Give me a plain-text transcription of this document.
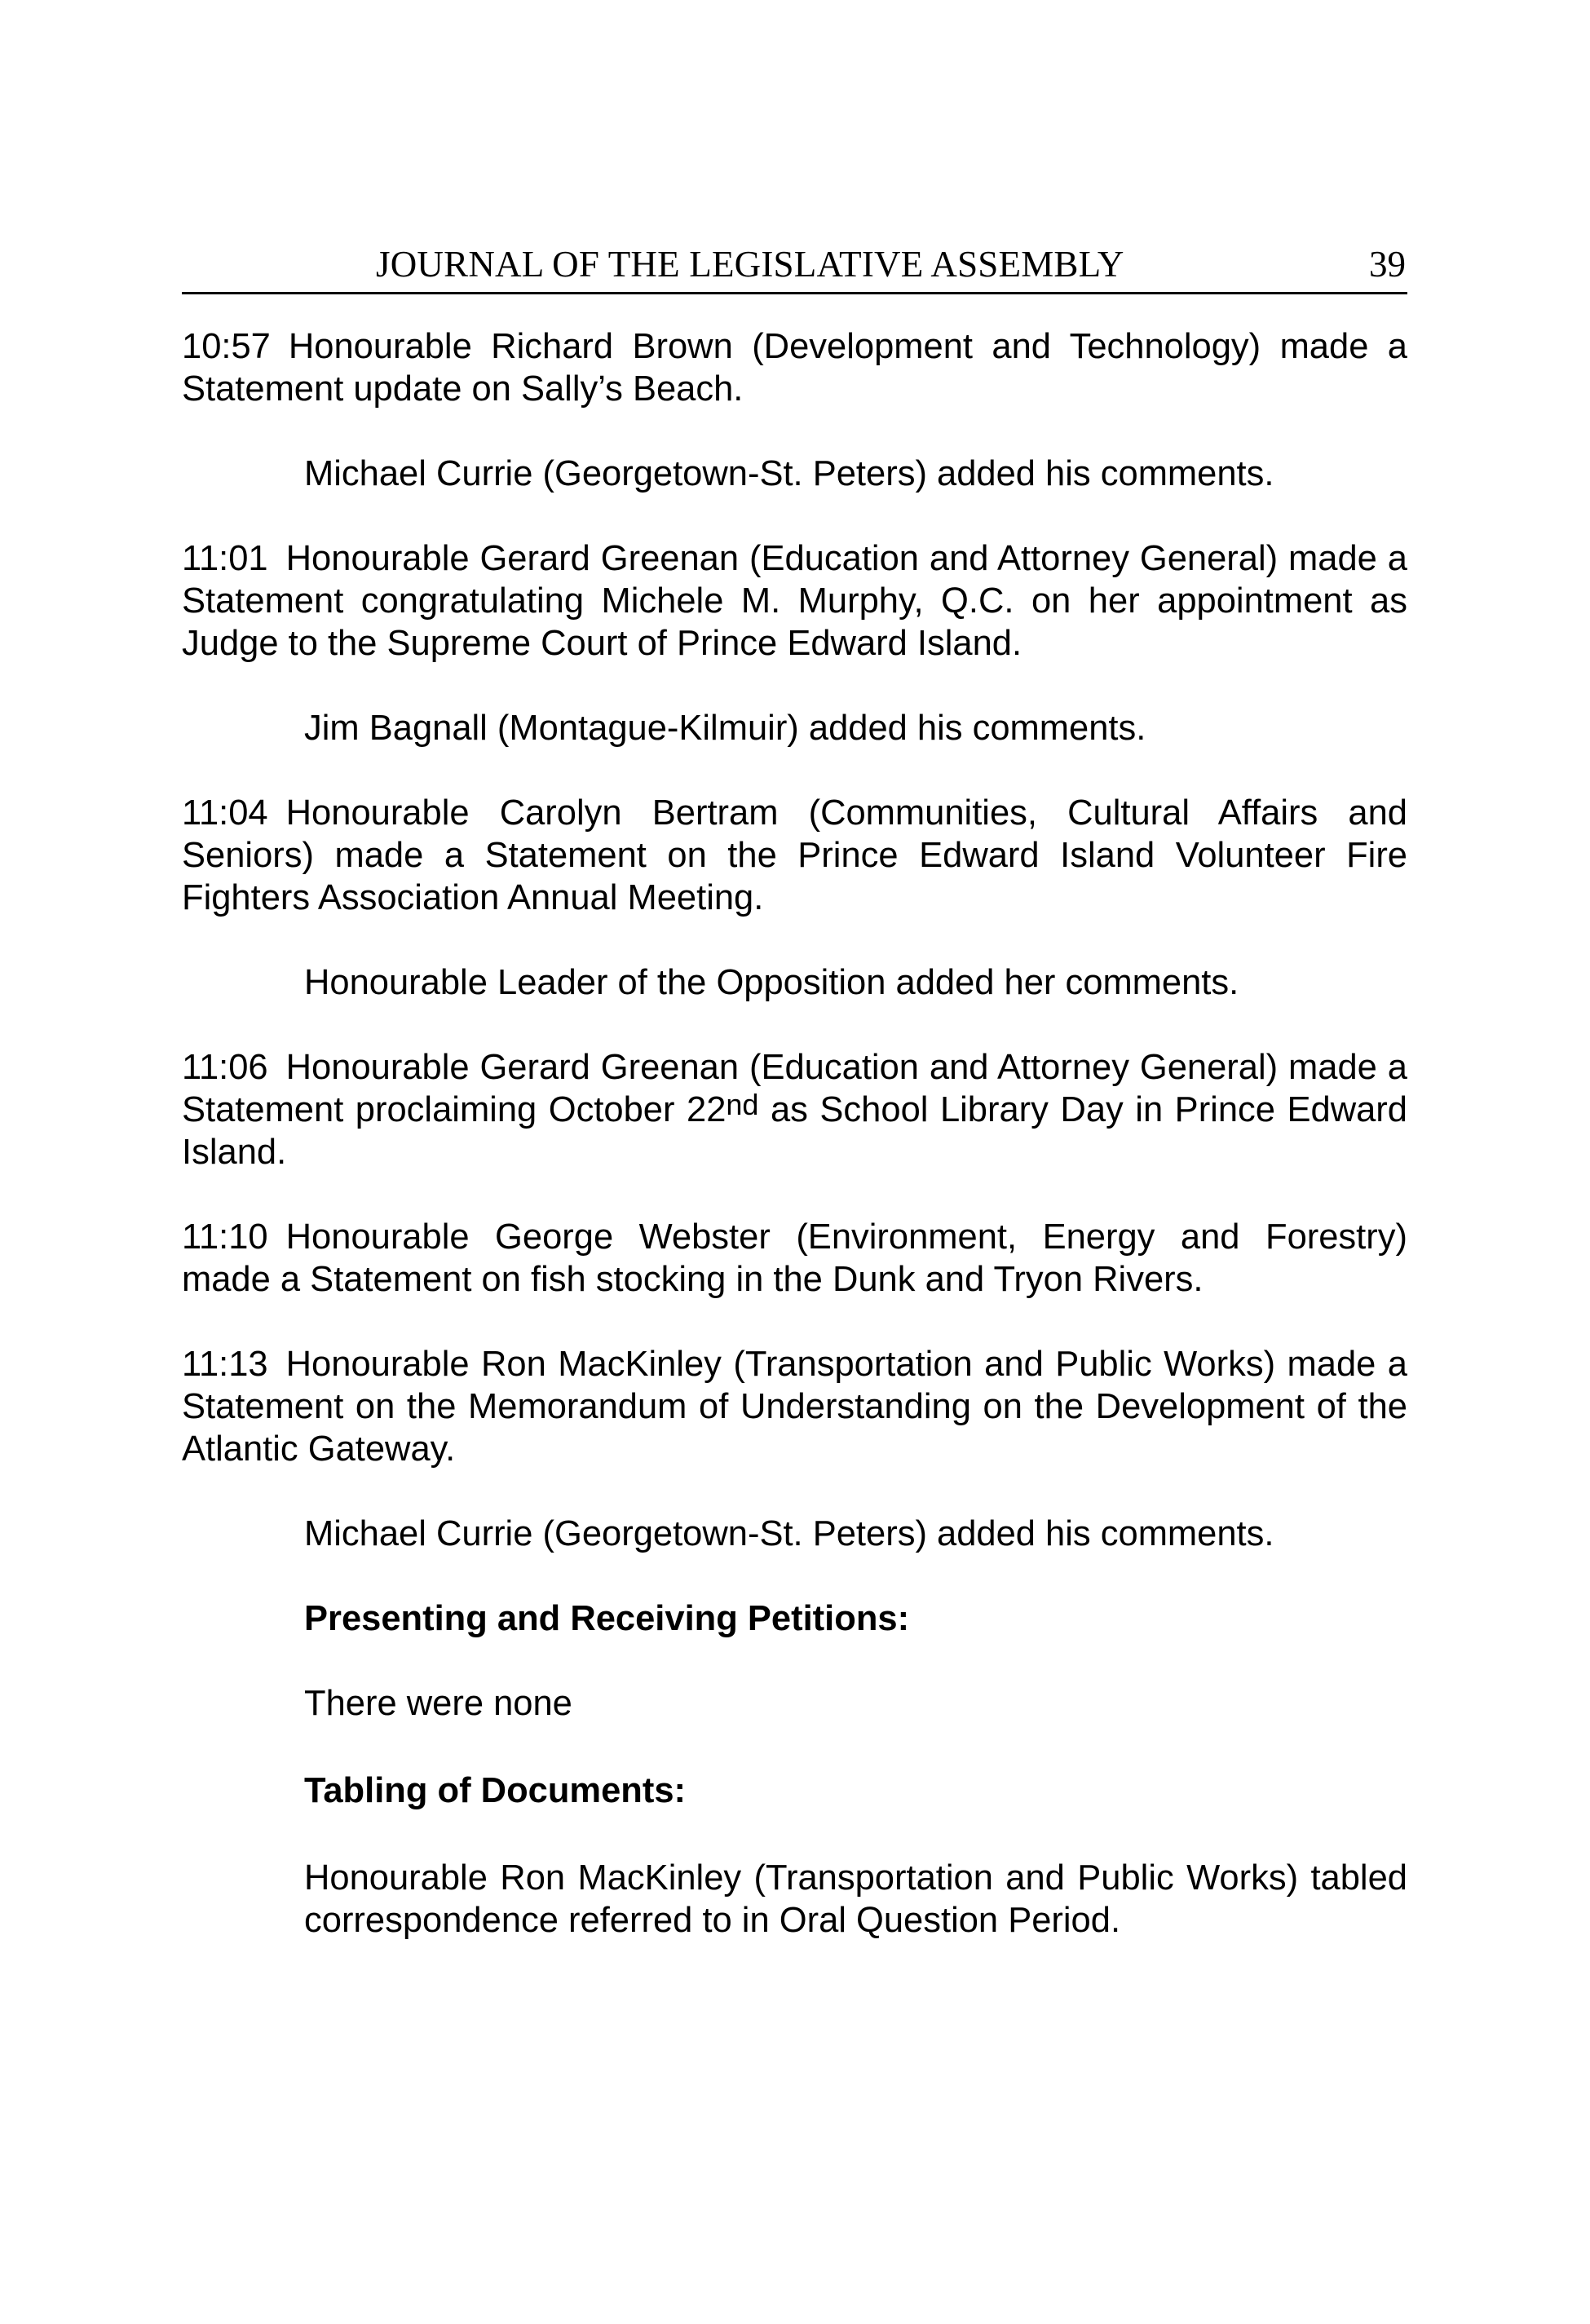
JOURNAL OF THE LEGISLATIVE ASSEMBLY	39

10:57 Honourable Richard Brown (Development and Technology) made a Statement update on Sally’s Beach.

Michael Currie (Georgetown-St. Peters) added his comments.

11:01 Honourable Gerard Greenan (Education and Attorney General) made a Statement congratulating Michele M. Murphy, Q.C. on her appointment as Judge to the Supreme Court of Prince Edward Island.

Jim Bagnall (Montague-Kilmuir) added his comments.

11:04 Honourable Carolyn Bertram (Communities, Cultural Affairs and Seniors) made a Statement on the Prince Edward Island Volunteer Fire Fighters Association Annual Meeting.

Honourable Leader of the Opposition added her comments.

11:06 Honourable Gerard Greenan (Education and Attorney General) made a Statement proclaiming October 22nd as School Library Day in Prince Edward Island.

11:10 Honourable George Webster (Environment, Energy and Forestry) made a Statement on fish stocking in the Dunk and Tryon Rivers.

11:13 Honourable Ron MacKinley (Transportation and Public Works) made a Statement on the Memorandum of Understanding on the Development of the Atlantic Gateway.

Michael Currie (Georgetown-St. Peters) added his comments.

Presenting and Receiving Petitions:

There were none

Tabling of Documents:

Honourable Ron MacKinley (Transportation and Public Works) tabled correspondence referred to in Oral Question Period.
